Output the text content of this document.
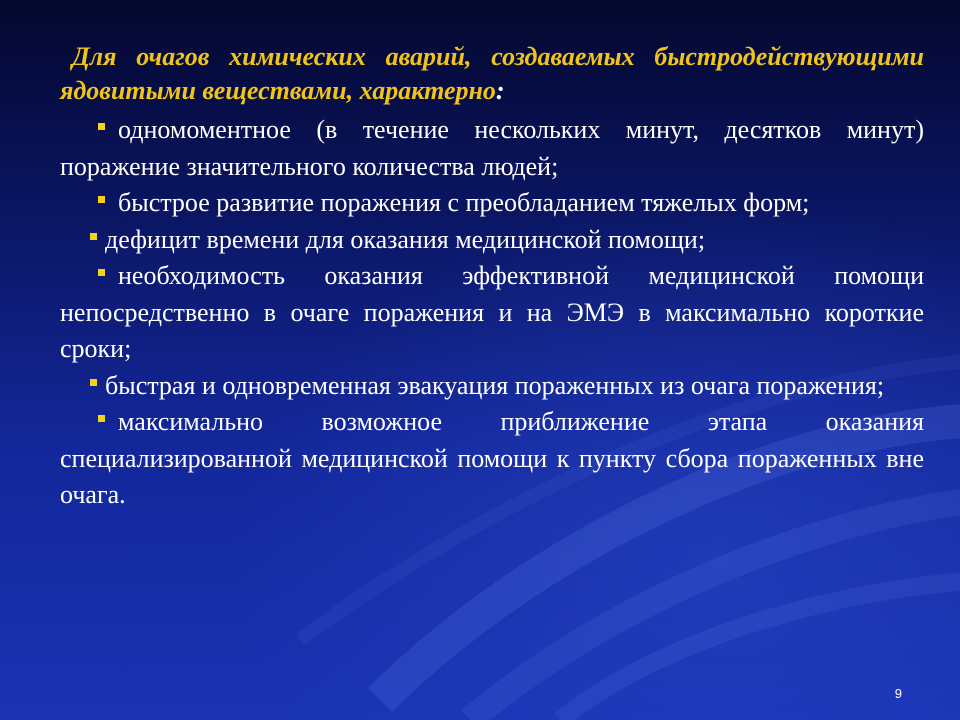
Для очагов химических аварий, создаваемых быстродействующими ядовитыми веществами, характерно:

одномоментное (в течение нескольких минут, десятков минут) поражение значительного количества людей;
быстрое развитие поражения с преобладанием тяжелых форм;
дефицит времени для оказания медицинской помощи;
необходимость оказания эффективной медицинской помощи непосредственно в очаге поражения и на ЭМЭ в максимально короткие сроки;
быстрая и одновременная эвакуация пораженных из очага поражения;
максимально возможное приближение этапа оказания специализированной медицинской помощи к пункту сбора пораженных вне очага.
9
